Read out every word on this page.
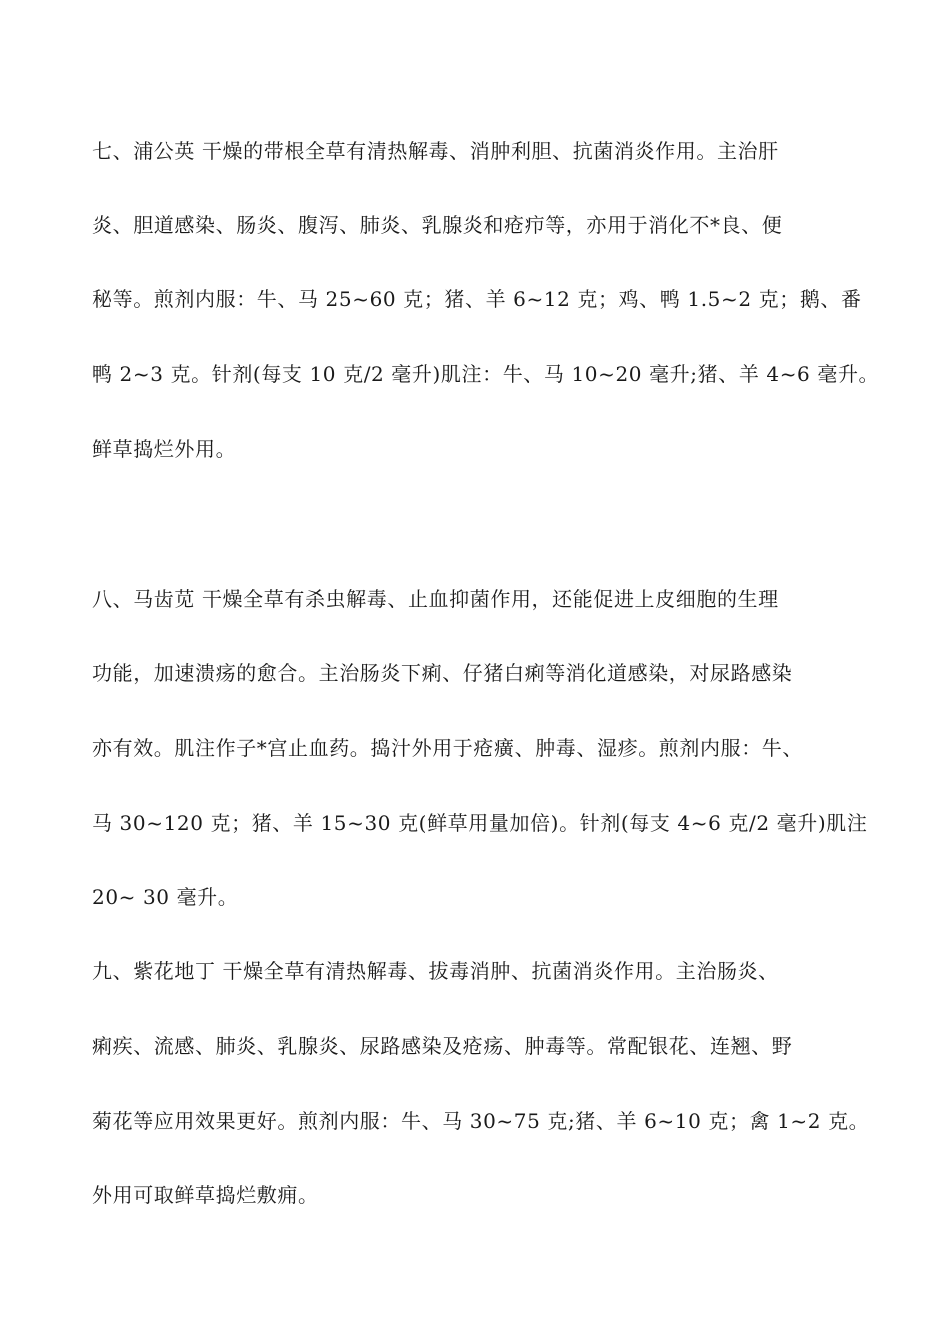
七、浦公英 干燥的带根全草有清热解毒、消肿利胆、抗菌消炎作用。主治肝
炎、胆道感染、肠炎、腹泻、肺炎、乳腺炎和疮疖等，亦用于消化不*良、便
秘等。煎剂内服：牛、马 25~60 克；猪、羊 6~12 克；鸡、鸭 1.5~2 克；鹅、番
鸭 2~3 克。针剂(每支 10 克/2 毫升)肌注：牛、马 10~20 毫升;猪、羊 4~6 毫升。
鲜草捣烂外用。
八、马齿苋 干燥全草有杀虫解毒、止血抑菌作用，还能促进上皮细胞的生理
功能，加速溃疡的愈合。主治肠炎下痢、仔猪白痢等消化道感染，对尿路感染
亦有效。肌注作子*宫止血药。捣汁外用于疮癀、肿毒、湿疹。煎剂内服：牛、
马 30~120 克；猪、羊 15~30 克(鲜草用量加倍)。针剂(每支 4~6 克/2 毫升)肌注
20~ 30 毫升。
九、紫花地丁 干燥全草有清热解毒、拔毒消肿、抗菌消炎作用。主治肠炎、
痢疾、流感、肺炎、乳腺炎、尿路感染及疮疡、肿毒等。常配银花、连翘、野
菊花等应用效果更好。煎剂内服：牛、马 30~75 克;猪、羊 6~10 克；禽 1~2 克。
外用可取鲜草捣烂敷痈。
